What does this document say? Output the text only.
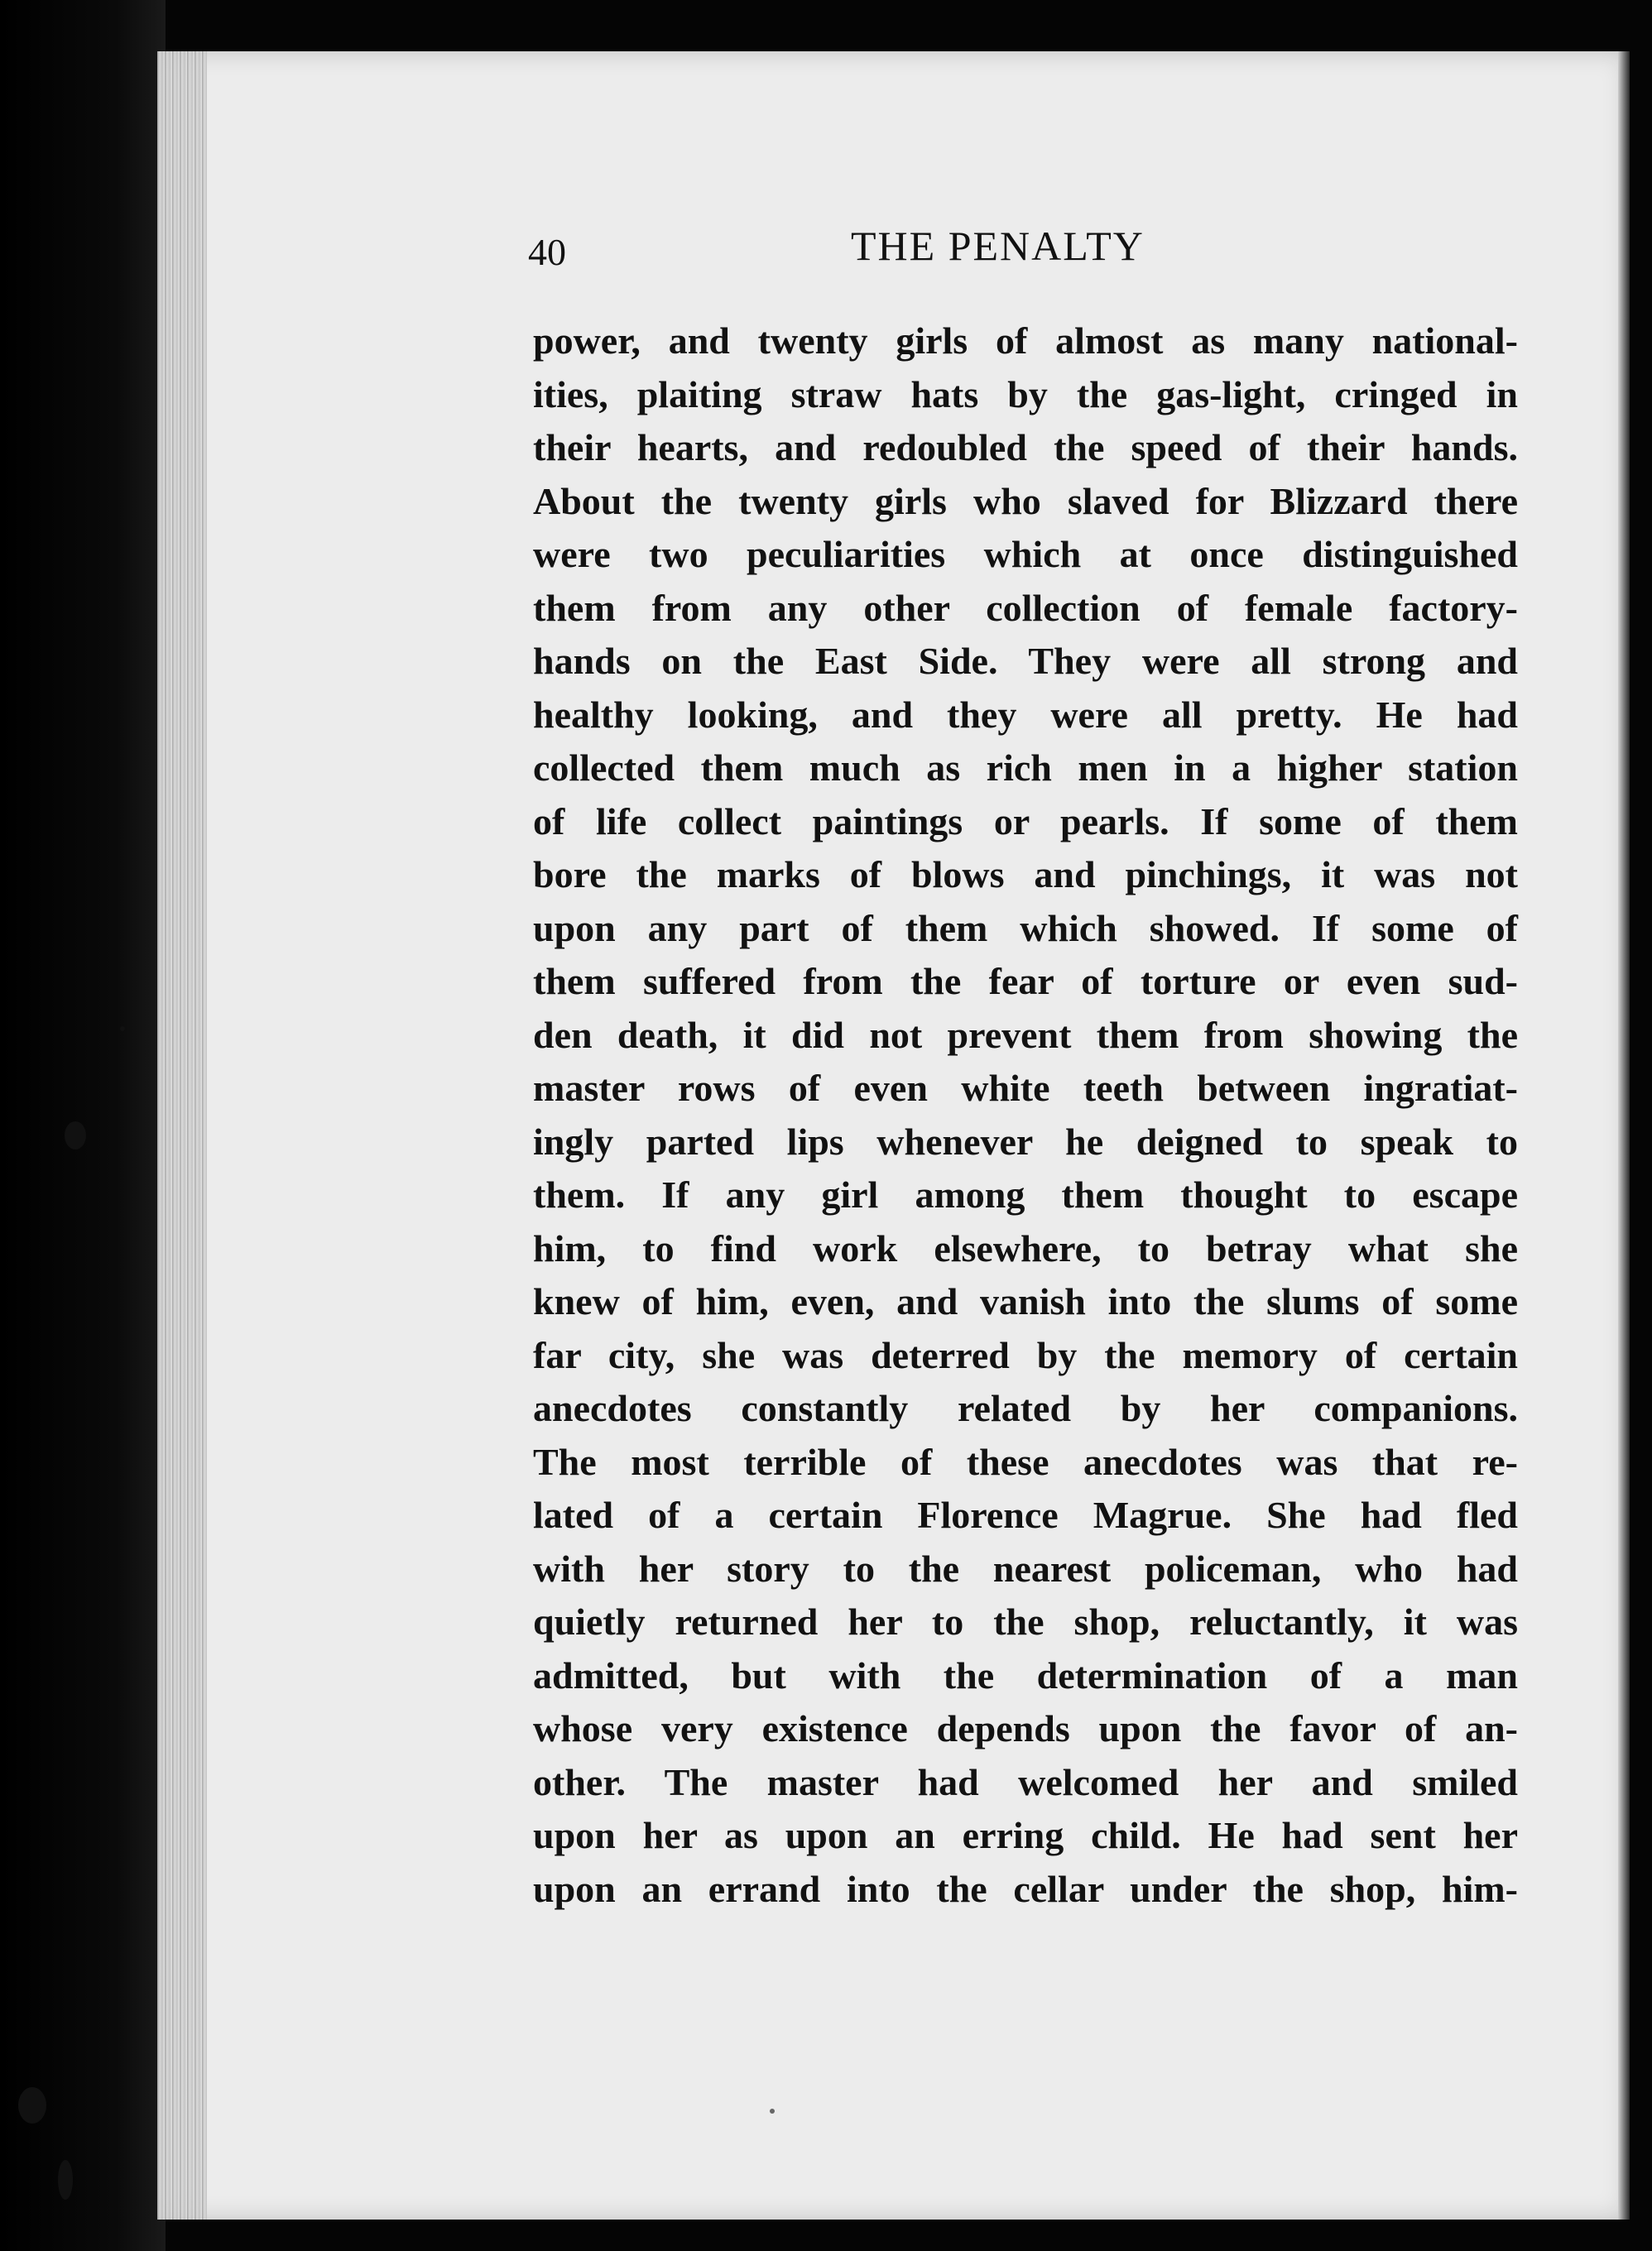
40	THE PENALTY
power, and twenty girls of almost as many national-
ities, plaiting straw hats by the gas-light, cringed in
their hearts, and redoubled the speed of their hands.
About the twenty girls who slaved for Blizzard there
were two peculiarities which at once distinguished
them from any other collection of female factory-
hands on the East Side. They were all strong and
healthy looking, and they were all pretty. He had
collected them much as rich men in a higher station
of life collect paintings or pearls. If some of them
bore the marks of blows and pinchings, it was not
upon any part of them which showed. If some of
them suffered from the fear of torture or even sud-
den death, it did not prevent them from showing the
master rows of even white teeth between ingratiat-
ingly parted lips whenever he deigned to speak to
them. If any girl among them thought to escape
him, to find work elsewhere, to betray what she
knew of him, even, and vanish into the slums of some
far city, she was deterred by the memory of certain
anecdotes constantly related by her companions.
The most terrible of these anecdotes was that re-
lated of a certain Florence Magrue. She had fled
with her story to the nearest policeman, who had
quietly returned her to the shop, reluctantly, it was
admitted, but with the determination of a man
whose very existence depends upon the favor of an-
other. The master had welcomed her and smiled
upon her as upon an erring child. He had sent her
upon an errand into the cellar under the shop, him-
